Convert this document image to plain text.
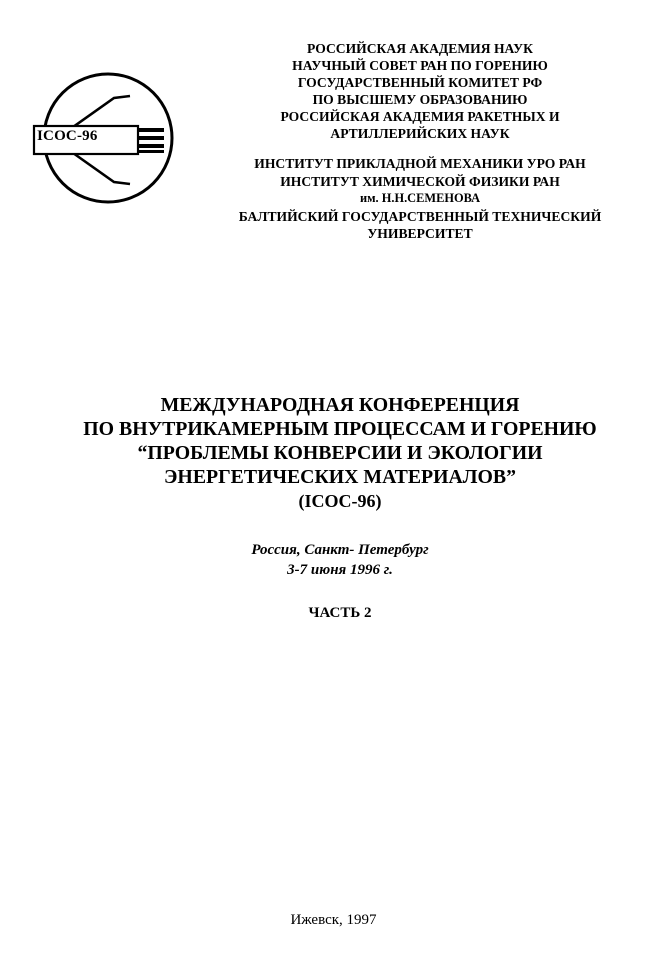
ICOC-96
РОССИЙСКАЯ АКАДЕМИЯ НАУК
НАУЧНЫЙ СОВЕТ РАН ПО ГОРЕНИЮ
ГОСУДАРСТВЕННЫЙ КОМИТЕТ РФ
ПО ВЫСШЕМУ ОБРАЗОВАНИЮ
РОССИЙСКАЯ АКАДЕМИЯ РАКЕТНЫХ И
АРТИЛЛЕРИЙСКИХ НАУК
ИНСТИТУТ ПРИКЛАДНОЙ МЕХАНИКИ УРО РАН
ИНСТИТУТ ХИМИЧЕСКОЙ ФИЗИКИ РАН
им. Н.Н.СЕМЕНОВА
БАЛТИЙСКИЙ ГОСУДАРСТВЕННЫЙ ТЕХНИЧЕСКИЙ
УНИВЕРСИТЕТ
МЕЖДУНАРОДНАЯ КОНФЕРЕНЦИЯ
ПО ВНУТРИКАМЕРНЫМ ПРОЦЕССАМ И ГОРЕНИЮ
“ПРОБЛЕМЫ КОНВЕРСИИ И ЭКОЛОГИИ
ЭНЕРГЕТИЧЕСКИХ МАТЕРИАЛОВ”
(ICOC-96)
Россия, Санкт- Петербург
3-7 июня 1996 г.
ЧАСТЬ 2
Ижевск, 1997
